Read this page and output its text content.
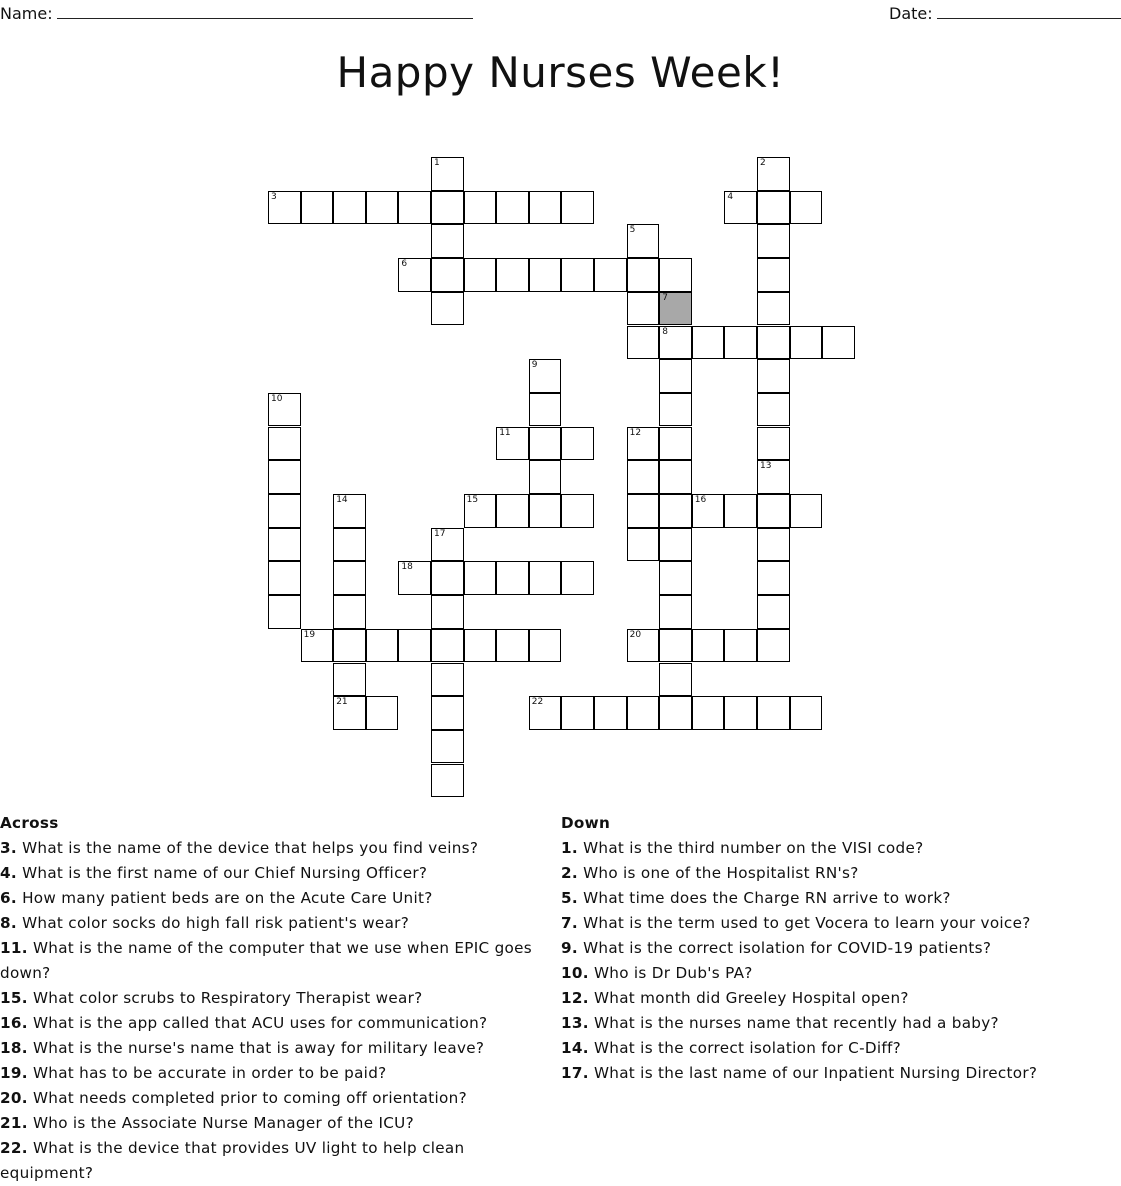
Name:	Date:
Happy Nurses Week!
1	2
3	4
5
6
7
8
9
10
11	12
13
14	15	16
17
18
19	20
21	22
Across
3. What is the name of the device that helps you find veins?
4. What is the first name of our Chief Nursing Officer?
6. How many patient beds are on the Acute Care Unit?
8. What color socks do high fall risk patient's wear?
11. What is the name of the computer that we use when EPIC goes down?
15. What color scrubs to Respiratory Therapist wear?
16. What is the app called that ACU uses for communication?
18. What is the nurse's name that is away for military leave?
19. What has to be accurate in order to be paid?
20. What needs completed prior to coming off orientation?
21. Who is the Associate Nurse Manager of the ICU?
22. What is the device that provides UV light to help clean equipment?
Down
1. What is the third number on the VISI code?
2. Who is one of the Hospitalist RN's?
5. What time does the Charge RN arrive to work?
7. What is the term used to get Vocera to learn your voice?
9. What is the correct isolation for COVID-19 patients?
10. Who is Dr Dub's PA?
12. What month did Greeley Hospital open?
13. What is the nurses name that recently had a baby?
14. What is the correct isolation for C-Diff?
17. What is the last name of our Inpatient Nursing Director?
